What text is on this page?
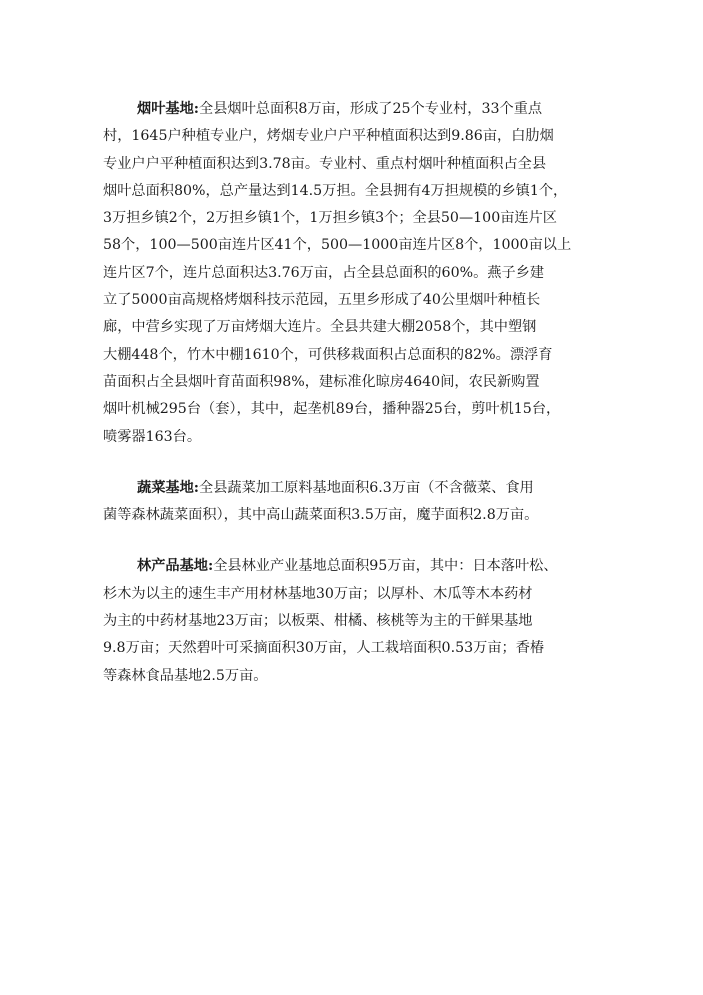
烟叶基地:全县烟叶总面积8万亩，形成了25个专业村，33个重点
村，1645户种植专业户，烤烟专业户户平种植面积达到9.86亩，白肋烟
专业户户平种植面积达到3.78亩。专业村、重点村烟叶种植面积占全县
烟叶总面积80%，总产量达到14.5万担。全县拥有4万担规模的乡镇1个，
3万担乡镇2个，2万担乡镇1个，1万担乡镇3个；全县50—100亩连片区
58个，100—500亩连片区41个，500—1000亩连片区8个，1000亩以上
连片区7个，连片总面积达3.76万亩，占全县总面积的60%。燕子乡建
立了5000亩高规格烤烟科技示范园，五里乡形成了40公里烟叶种植长
廊，中营乡实现了万亩烤烟大连片。全县共建大棚2058个，其中塑钢
大棚448个，竹木中棚1610个，可供移栽面积占总面积的82%。漂浮育
苗面积占全县烟叶育苗面积98%，建标准化晾房4640间，农民新购置
烟叶机械295台（套），其中，起垄机89台，播种器25台，剪叶机15台，
喷雾器163台。

蔬菜基地:全县蔬菜加工原料基地面积6.3万亩（不含薇菜、食用
菌等森林蔬菜面积），其中高山蔬菜面积3.5万亩，魔芋面积2.8万亩。

林产品基地:全县林业产业基地总面积95万亩，其中：日本落叶松、
杉木为以主的速生丰产用材林基地30万亩；以厚朴、木瓜等木本药材
为主的中药材基地23万亩；以板栗、柑橘、核桃等为主的干鲜果基地
9.8万亩；天然碧叶可采摘面积30万亩，人工栽培面积0.53万亩；香椿
等森林食品基地2.5万亩。
